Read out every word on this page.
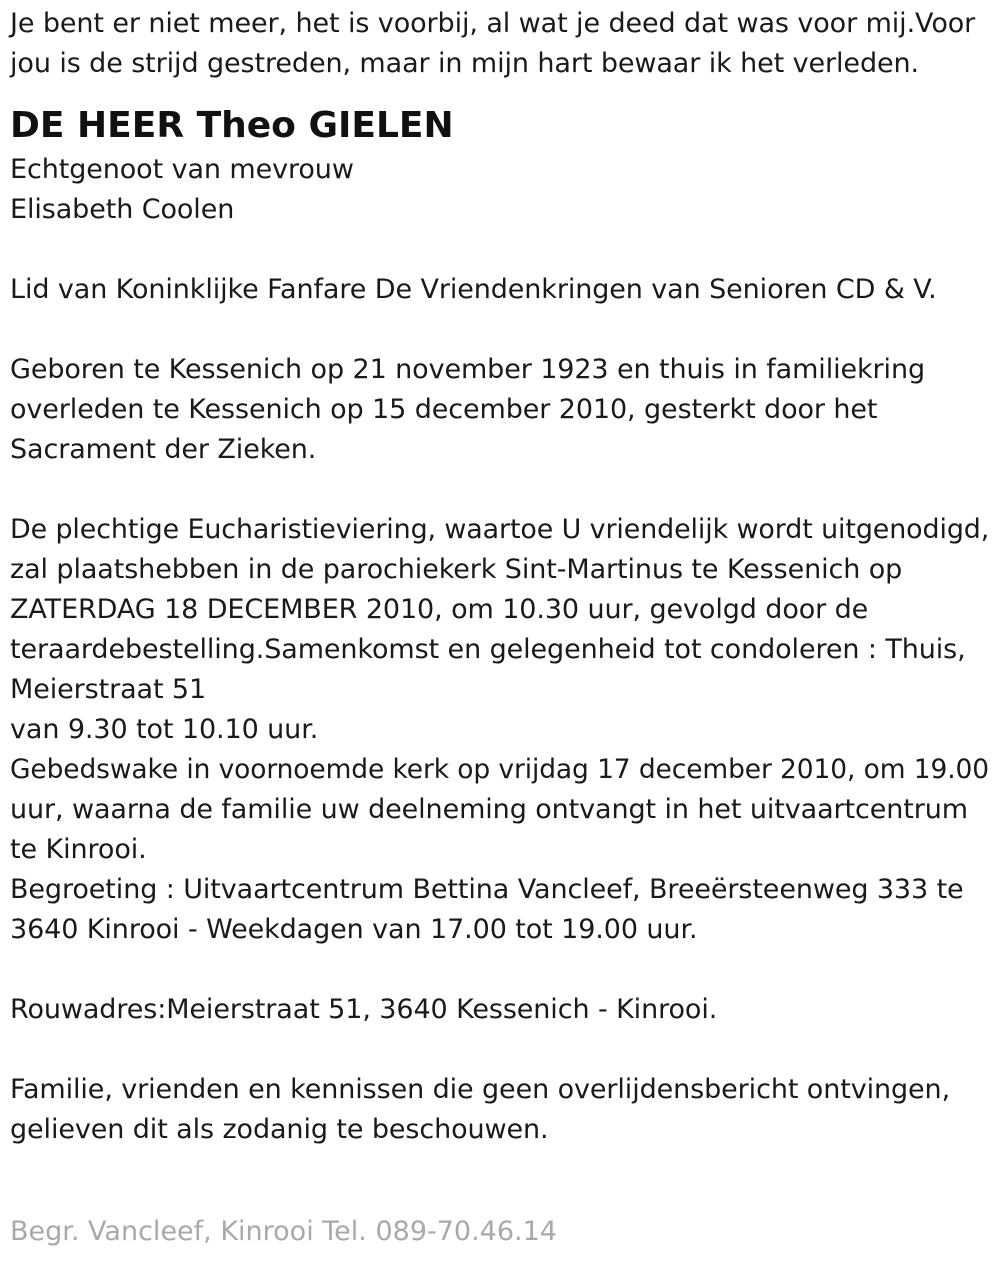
Je bent er niet meer, het is voorbij, al wat je deed dat was voor mij.Voor

jou is de strijd gestreden, maar in mijn hart bewaar ik het verleden.

DE HEER Theo GIELEN

Echtgenoot van mevrouw

Elisabeth Coolen

Lid van Koninklijke Fanfare De Vriendenkringen van Senioren CD & V.

Geboren te Kessenich op 21 november 1923 en thuis in familiekring

overleden te Kessenich op 15 december 2010, gesterkt door het

Sacrament der Zieken.

De plechtige Eucharistieviering, waartoe U vriendelijk wordt uitgenodigd,

zal plaatshebben in de parochiekerk Sint-Martinus te Kessenich op

ZATERDAG 18 DECEMBER 2010, om 10.30 uur, gevolgd door de

teraardebestelling.Samenkomst en gelegenheid tot condoleren : Thuis,

Meierstraat 51

van 9.30 tot 10.10 uur.

Gebedswake in voornoemde kerk op vrijdag 17 december 2010, om 19.00

uur, waarna de familie uw deelneming ontvangt in het uitvaartcentrum

te Kinrooi.

Begroeting : Uitvaartcentrum Bettina Vancleef, Breeërsteenweg 333 te

3640 Kinrooi - Weekdagen van 17.00 tot 19.00 uur.

Rouwadres:Meierstraat 51, 3640 Kessenich - Kinrooi.

Familie, vrienden en kennissen die geen overlijdensbericht ontvingen,

gelieven dit als zodanig te beschouwen.

Begr. Vancleef, Kinrooi Tel. 089-70.46.14
